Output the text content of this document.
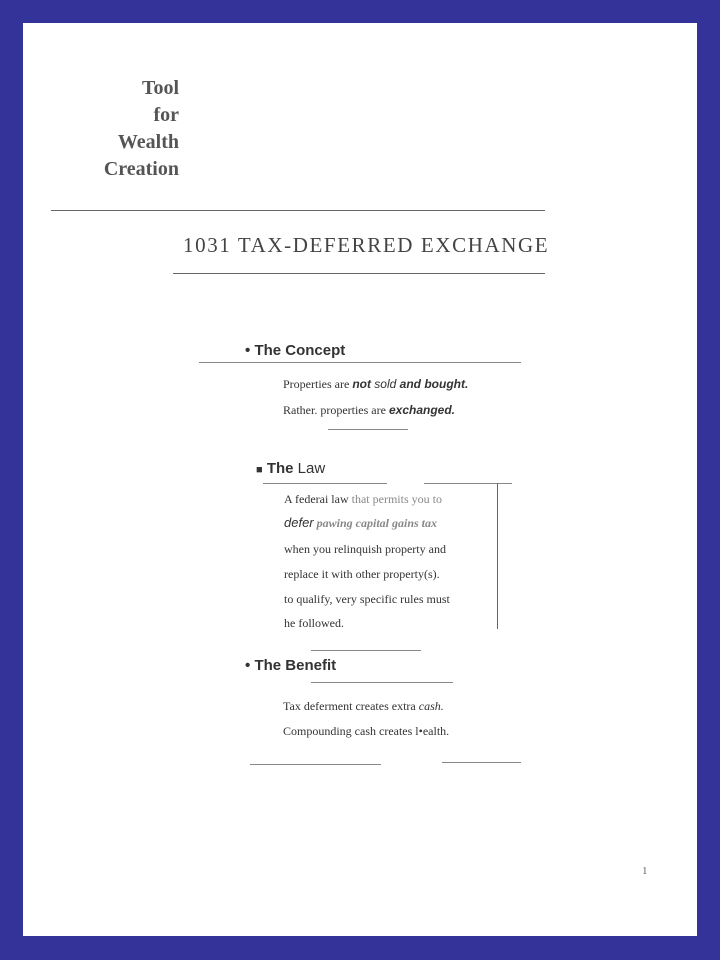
Tool
for
Wealth
Creation
1031 TAX-DEFERRED EXCHANGE
• The Concept
Properties are not sold and bought.
Rather. properties are exchanged.
■ The Law
A federai law that permits you to
defer pawing capital gains tax
when you relinquish property and
replace it with other property(s).
to qualify, very specific rules must
he followed.
• The Benefit
Tax deferment creates extra cash.
Compounding cash creates l•ealth.
1
